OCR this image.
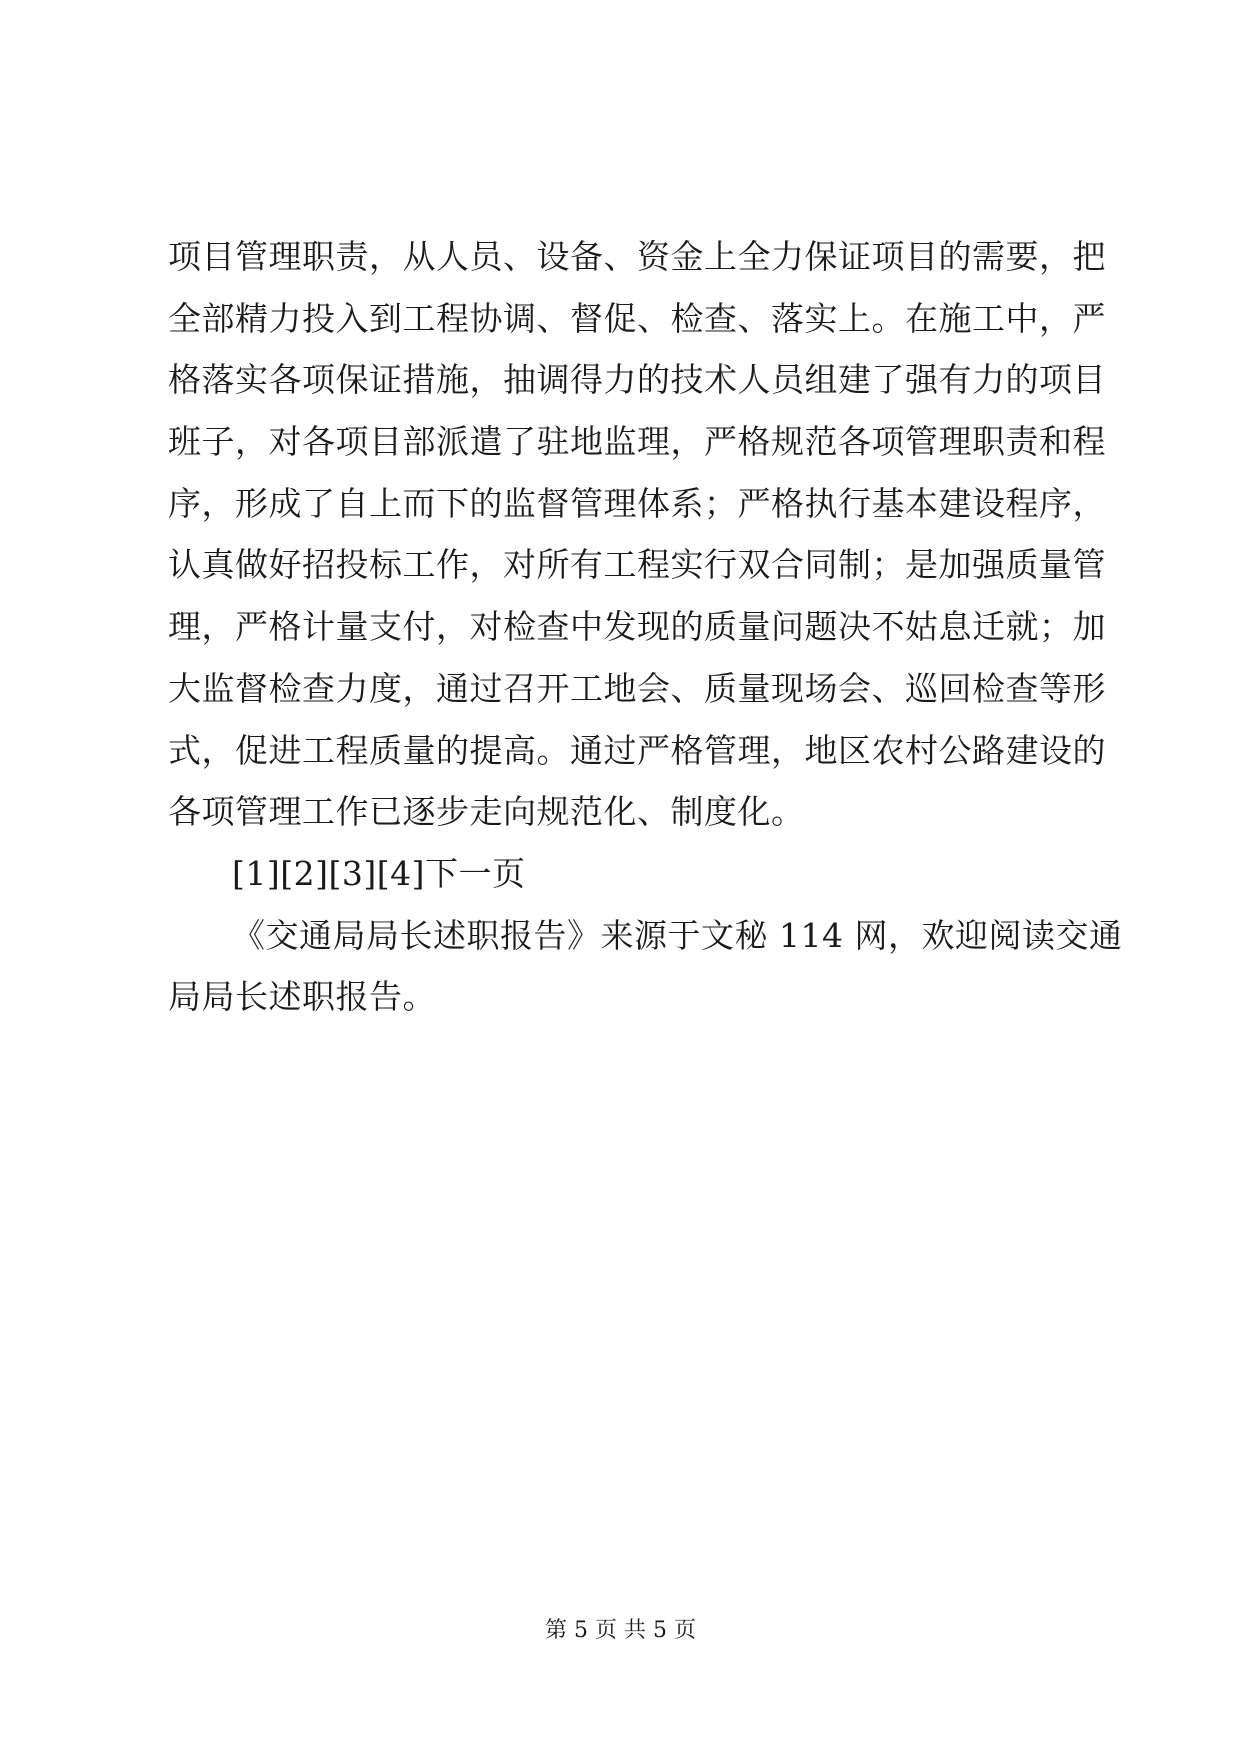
项目管理职责，从人员、设备、资金上全力保证项目的需要，把
全部精力投入到工程协调、督促、检查、落实上。在施工中，严
格落实各项保证措施，抽调得力的技术人员组建了强有力的项目
班子，对各项目部派遣了驻地监理，严格规范各项管理职责和程
序，形成了自上而下的监督管理体系；严格执行基本建设程序，
认真做好招投标工作，对所有工程实行双合同制；是加强质量管
理，严格计量支付，对检查中发现的质量问题决不姑息迁就；加
大监督检查力度，通过召开工地会、质量现场会、巡回检查等形
式，促进工程质量的提高。通过严格管理，地区农村公路建设的
各项管理工作已逐步走向规范化、制度化。
[1][2][3][4]下一页
《交通局局长述职报告》来源于文秘 114 网，欢迎阅读交通
局局长述职报告。
第 5 页 共 5 页
